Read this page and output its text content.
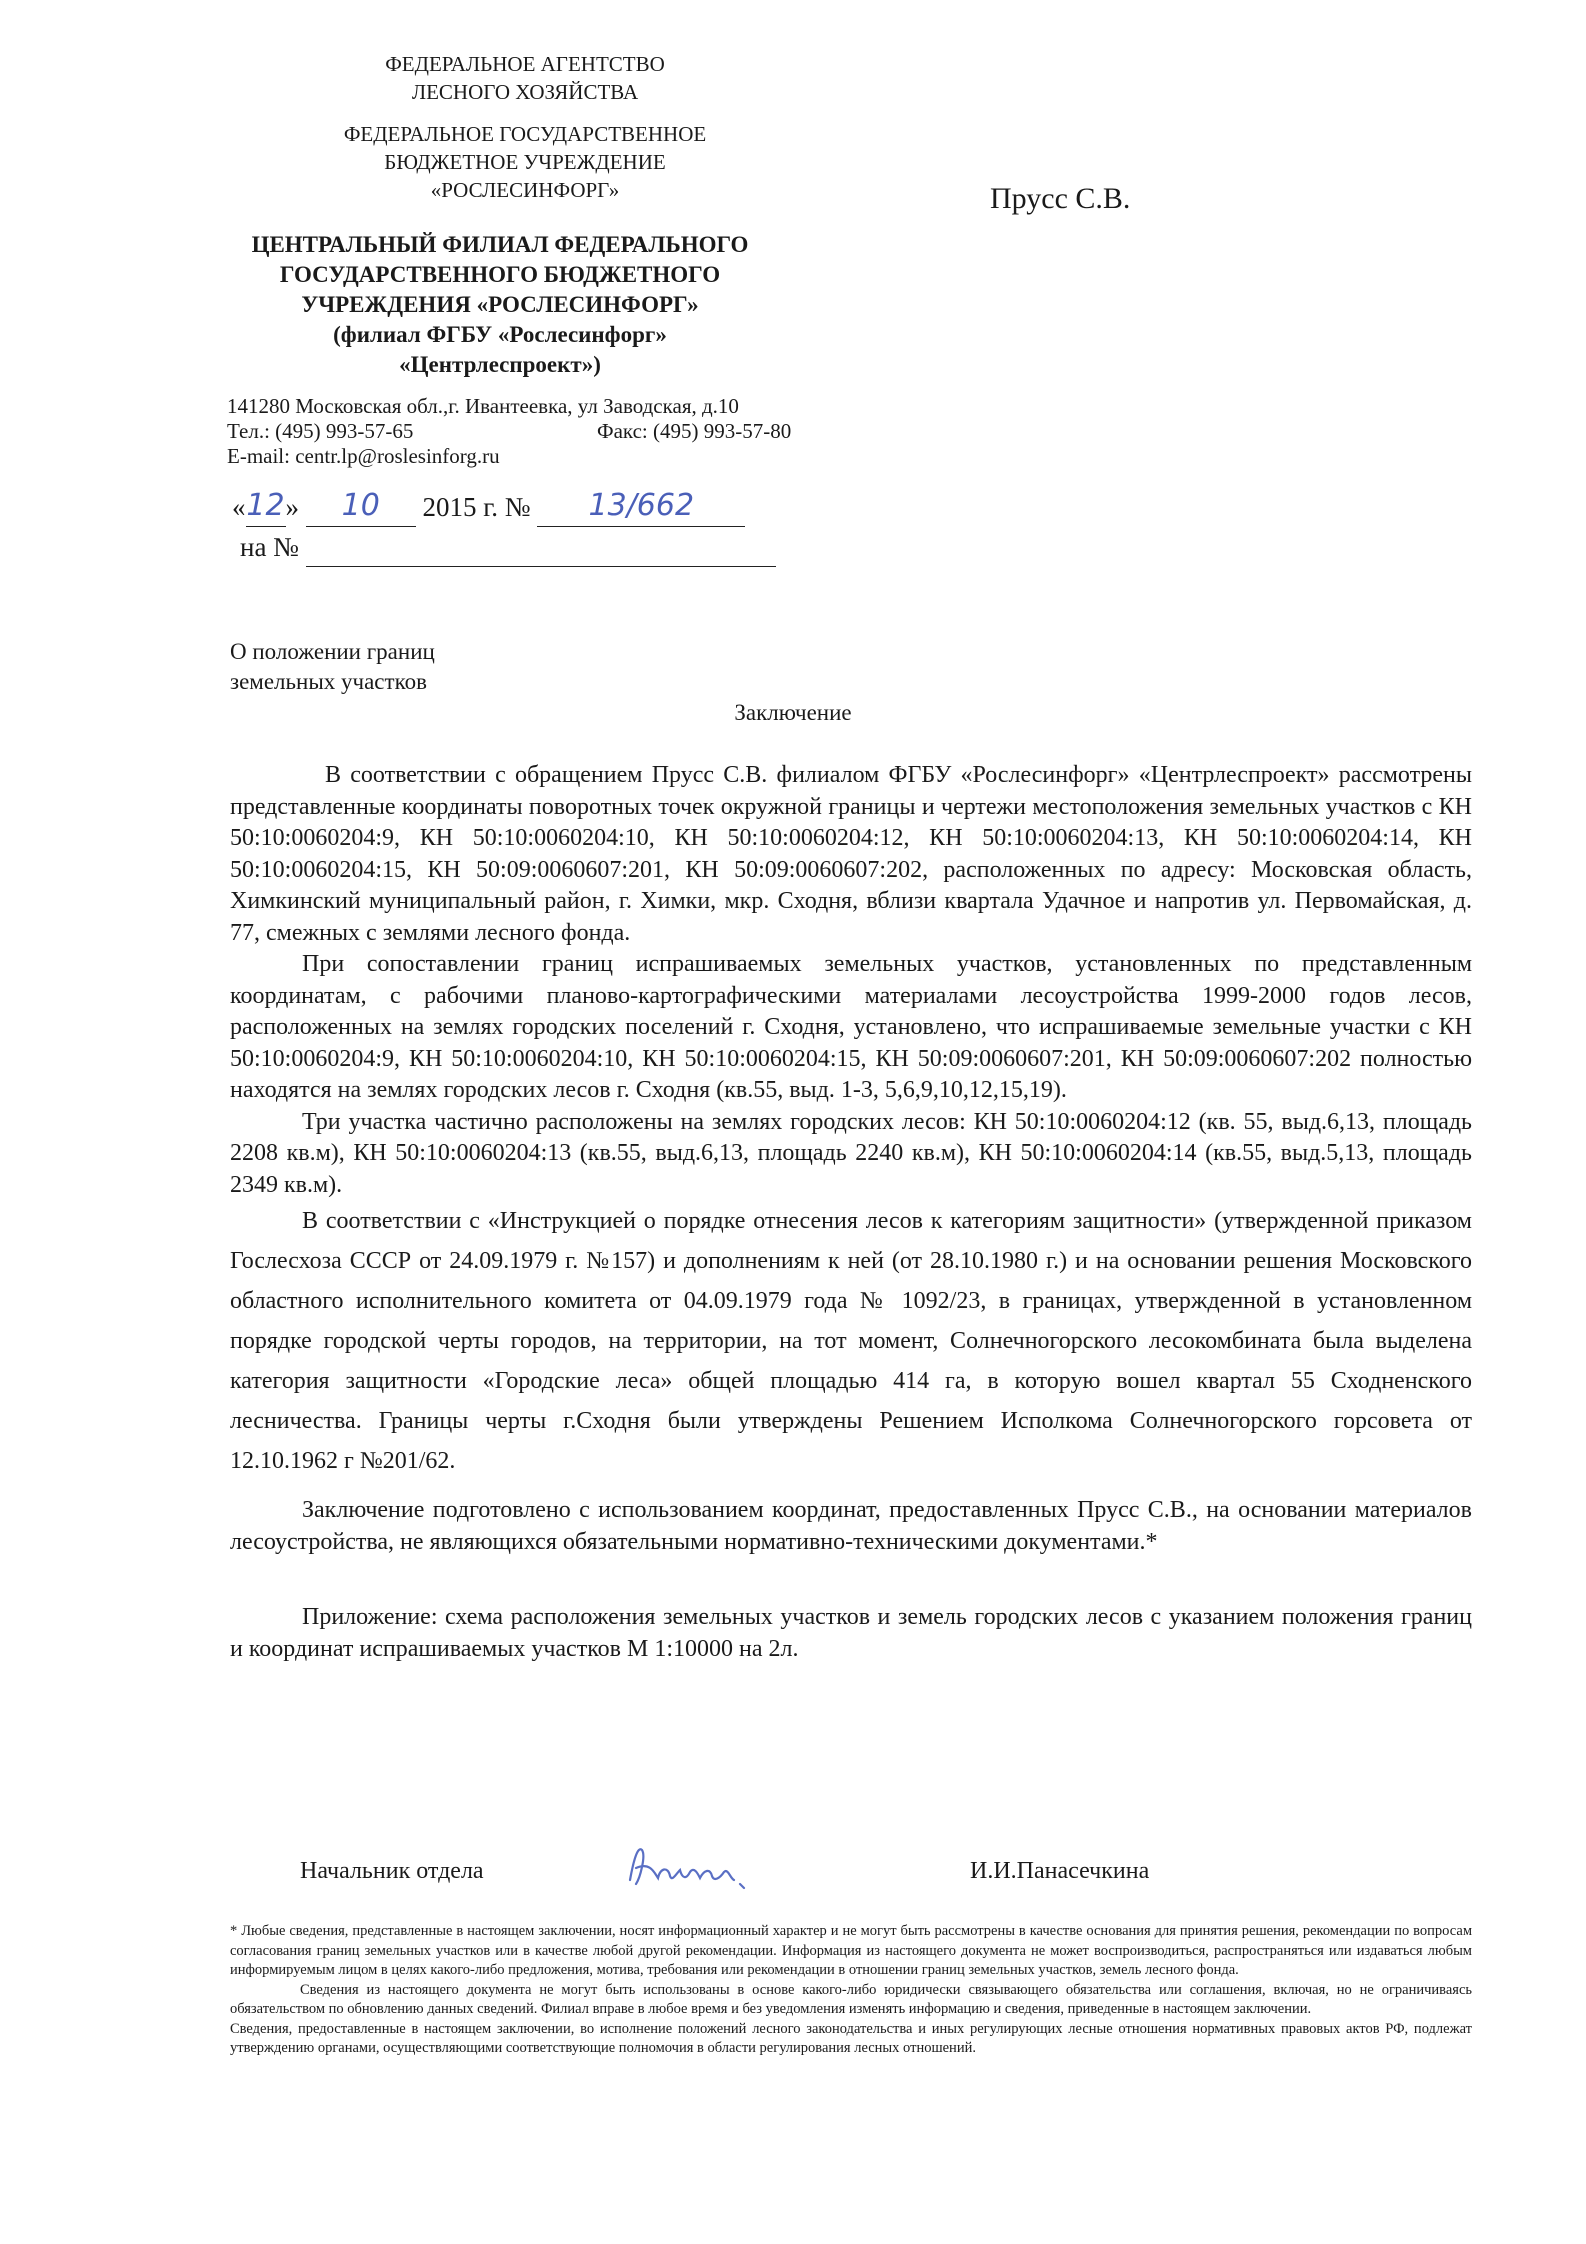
ФЕДЕРАЛЬНОЕ АГЕНТСТВО
ЛЕСНОГО ХОЗЯЙСТВА
ФЕДЕРАЛЬНОЕ ГОСУДАРСТВЕННОЕ
БЮДЖЕТНОЕ УЧРЕЖДЕНИЕ
«РОСЛЕСИНФОРГ»
ЦЕНТРАЛЬНЫЙ ФИЛИАЛ ФЕДЕРАЛЬНОГО
ГОСУДАРСТВЕННОГО БЮДЖЕТНОГО
УЧРЕЖДЕНИЯ «РОСЛЕСИНФОРГ»
(филиал ФГБУ «Рослесинфорг»
«Центрлеспроект»)
Прусс С.В.
141280 Московская обл.,г. Ивантеевка, ул Заводская, д.10
Тел.: (495) 993-57-65	Факс: (495) 993-57-80
E-mail: centr.lp@roslesinforg.ru
«12» 10 2015 г. № 13/662
на №
О положении границ
земельных участков
Заключение

В соответствии с обращением Прусс С.В. филиалом ФГБУ «Рослесинфорг» «Центрлеспроект» рассмотрены представленные координаты поворотных точек окружной границы и чертежи местоположения земельных участков с КН 50:10:0060204:9, КН 50:10:0060204:10, КН 50:10:0060204:12, КН 50:10:0060204:13, КН 50:10:0060204:14, КН 50:10:0060204:15, КН 50:09:0060607:201, КН 50:09:0060607:202, расположенных по адресу: Московская область, Химкинский муниципальный район, г. Химки, мкр. Сходня, вблизи квартала Удачное и напротив ул. Первомайская, д. 77, смежных с землями лесного фонда.

При сопоставлении границ испрашиваемых земельных участков, установленных по представленным координатам, с рабочими планово-картографическими материалами лесоустройства 1999-2000 годов лесов, расположенных на землях городских поселений г. Сходня, установлено, что испрашиваемые земельные участки с КН 50:10:0060204:9, КН 50:10:0060204:10, КН 50:10:0060204:15, КН 50:09:0060607:201, КН 50:09:0060607:202 полностью находятся на землях городских лесов г. Сходня (кв.55, выд. 1-3, 5,6,9,10,12,15,19).

Три участка частично расположены на землях городских лесов: КН 50:10:0060204:12 (кв. 55, выд.6,13, площадь 2208 кв.м), КН 50:10:0060204:13 (кв.55, выд.6,13, площадь 2240 кв.м), КН 50:10:0060204:14 (кв.55, выд.5,13, площадь 2349 кв.м).

В соответствии с «Инструкцией о порядке отнесения лесов к категориям защитности» (утвержденной приказом Гослесхоза СССР от 24.09.1979 г. №157) и дополнениям к ней (от 28.10.1980 г.) и на основании решения Московского областного исполнительного комитета от 04.09.1979 года № 1092/23, в границах, утвержденной в установленном порядке городской черты городов, на территории, на тот момент, Солнечногорского лесокомбината была выделена категория защитности «Городские леса» общей площадью 414 га, в которую вошел квартал 55 Сходненского лесничества. Границы черты г.Сходня были утверждены Решением Исполкома Солнечногорского горсовета от 12.10.1962 г №201/62.

Заключение подготовлено с использованием координат, предоставленных Прусс С.В., на основании материалов лесоустройства, не являющихся обязательными нормативно-техническими документами.*

Приложение: схема расположения земельных участков и земель городских лесов с указанием положения границ и координат испрашиваемых участков М 1:10000 на 2л.

Начальник отдела	И.И.Панасечкина

* Любые сведения, представленные в настоящем заключении, носят информационный характер и не могут быть рассмотрены в качестве основания для принятия решения, рекомендации по вопросам согласования границ земельных участков или в качестве любой другой рекомендации. Информация из настоящего документа не может воспроизводиться, распространяться или издаваться любым информируемым лицом в целях какого-либо предложения, мотива, требования или рекомендации в отношении границ земельных участков, земель лесного фонда.

Сведения из настоящего документа не могут быть использованы в основе какого-либо юридически связывающего обязательства или соглашения, включая, но не ограничиваясь обязательством по обновлению данных сведений. Филиал вправе в любое время и без уведомления изменять информацию и сведения, приведенные в настоящем заключении.

Сведения, предоставленные в настоящем заключении, во исполнение положений лесного законодательства и иных регулирующих лесные отношения нормативных правовых актов РФ, подлежат утверждению органами, осуществляющими соответствующие полномочия в области регулирования лесных отношений.
